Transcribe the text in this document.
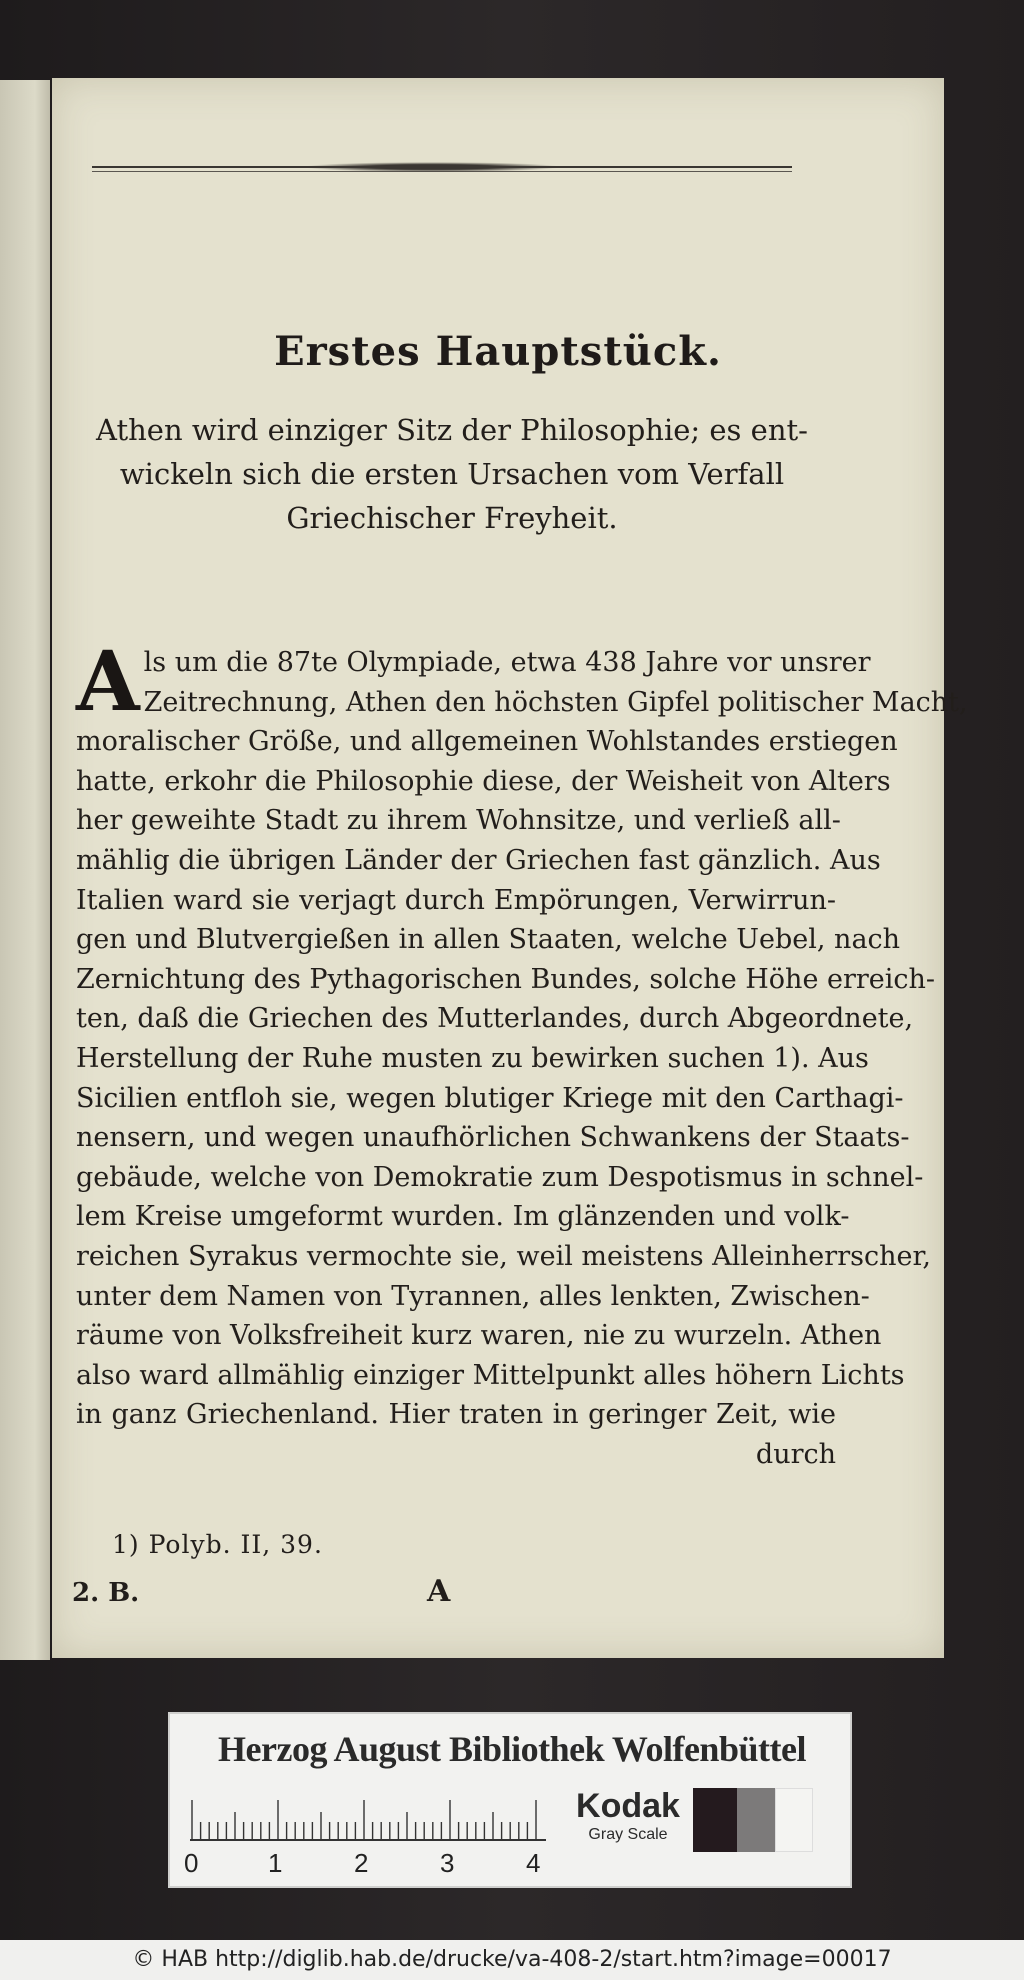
Erstes Hauptstück.
Athen wird einziger Sitz der Philosophie; es ent-
wickeln sich die ersten Ursachen vom Verfall
Griechischer Freyheit.
A ls um die 87te Olympiade, etwa 438 Jahre vor unsrer
Zeitrechnung, Athen den höchsten Gipfel politischer Macht,
moralischer Größe, und allgemeinen Wohlstandes erstiegen
hatte, erkohr die Philosophie diese, der Weisheit von Alters
her geweihte Stadt zu ihrem Wohnsitze, und verließ all-
mählig die übrigen Länder der Griechen fast gänzlich. Aus
Italien ward sie verjagt durch Empörungen, Verwirrun-
gen und Blutvergießen in allen Staaten, welche Uebel, nach
Zernichtung des Pythagorischen Bundes, solche Höhe erreich-
ten, daß die Griechen des Mutterlandes, durch Abgeordnete,
Herstellung der Ruhe musten zu bewirken suchen 1). Aus
Sicilien entfloh sie, wegen blutiger Kriege mit den Carthagi-
nensern, und wegen unaufhörlichen Schwankens der Staats-
gebäude, welche von Demokratie zum Despotismus in schnel-
lem Kreise umgeformt wurden. Im glänzenden und volk-
reichen Syrakus vermochte sie, weil meistens Alleinherrscher,
unter dem Namen von Tyrannen, alles lenkten, Zwischen-
räume von Volksfreiheit kurz waren, nie zu wurzeln. Athen
also ward allmählig einziger Mittelpunkt alles höhern Lichts
in ganz Griechenland. Hier traten in geringer Zeit, wie
durch
1) Polyb. II, 39.
2. B.	A
Herzog August Bibliothek Wolfenbüttel
0	1	2	3	4
Kodak
Gray Scale
© HAB http://diglib.hab.de/drucke/va-408-2/start.htm?image=00017
